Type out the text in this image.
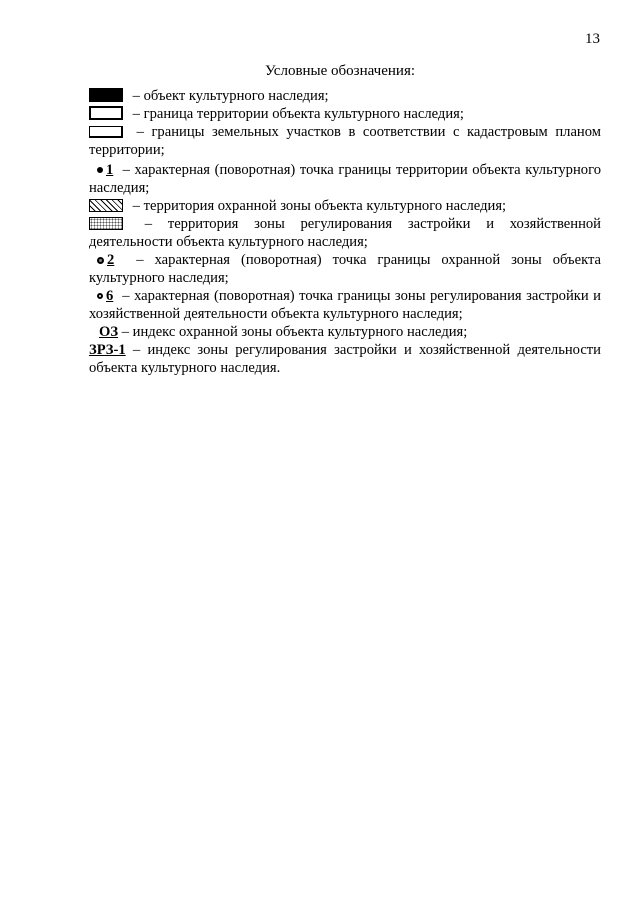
13
Условные обозначения:
– объект культурного наследия;
– граница территории объекта культурного наследия;
– границы земельных участков в соответствии с кадастровым планом территории;
1 – характерная (поворотная) точка границы территории объекта культурного наследия;
– территория охранной зоны объекта культурного наследия;
– территория зоны регулирования застройки и хозяйственной деятельности объекта культурного наследия;
2 – характерная (поворотная) точка границы охранной зоны объекта культурного наследия;
6 – характерная (поворотная) точка границы зоны регулирования застройки и хозяйственной деятельности объекта культурного наследия;
ОЗ – индекс охранной зоны объекта культурного наследия;
ЗРЗ-1 – индекс зоны регулирования застройки и хозяйственной деятельности объекта культурного наследия.
